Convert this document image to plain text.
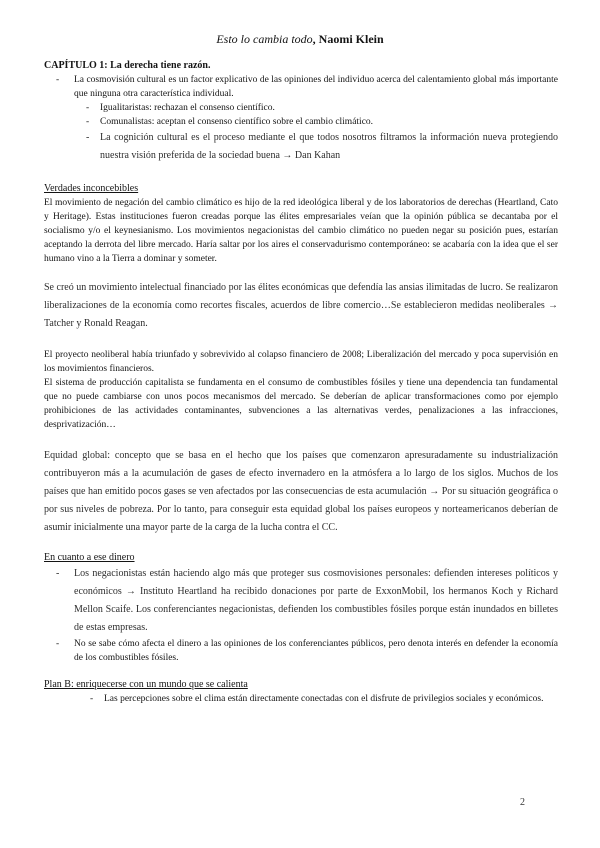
Esto lo cambia todo, Naomi Klein

CAPÍTULO 1: La derecha tiene razón.

- La cosmovisión cultural es un factor explicativo de las opiniones del individuo acerca del calentamiento global más importante que ninguna otra característica individual.
- Igualitaristas: rechazan el consenso científico.
- Comunalistas: aceptan el consenso científico sobre el cambio climático.
- La cognición cultural es el proceso mediante el que todos nosotros filtramos la información nueva protegiendo nuestra visión preferida de la sociedad buena → Dan Kahan

Verdades inconcebibles

El movimiento de negación del cambio climático es hijo de la red ideológica liberal y de los laboratorios de derechas (Heartland, Cato y Heritage). Estas instituciones fueron creadas porque las élites empresariales veían que la opinión pública se decantaba por el socialismo y/o el keynesianismo. Los movimientos negacionistas del cambio climático no pueden negar su posición pues, estarían aceptando la derrota del libre mercado. Haría saltar por los aires el conservadurismo contemporáneo: se acabaría con la idea que el ser humano vino a la Tierra a dominar y someter.

Se creó un movimiento intelectual financiado por las élites económicas que defendía las ansias ilimitadas de lucro. Se realizaron liberalizaciones de la economía como recortes fiscales, acuerdos de libre comercio…Se establecieron medidas neoliberales → Tatcher y Ronald Reagan.

El proyecto neoliberal había triunfado y sobrevivido al colapso financiero de 2008; Liberalización del mercado y poca supervisión en los movimientos financieros.

El sistema de producción capitalista se fundamenta en el consumo de combustibles fósiles y tiene una dependencia tan fundamental que no puede cambiarse con unos pocos mecanismos del mercado. Se deberían de aplicar transformaciones como por ejemplo prohibiciones de las actividades contaminantes, subvenciones a las alternativas verdes, penalizaciones a las infracciones, desprivatización…

Equidad global: concepto que se basa en el hecho que los países que comenzaron apresuradamente su industrialización contribuyeron más a la acumulación de gases de efecto invernadero en la atmósfera a lo largo de los siglos. Muchos de los países que han emitido pocos gases se ven afectados por las consecuencias de esta acumulación → Por su situación geográfica o por sus niveles de pobreza. Por lo tanto, para conseguir esta equidad global los países europeos y norteamericanos deberían de asumir inicialmente una mayor parte de la carga de la lucha contra el CC.

En cuanto a ese dinero

- Los negacionistas están haciendo algo más que proteger sus cosmovisiones personales: defienden intereses políticos y económicos → Instituto Heartland ha recibido donaciones por parte de ExxonMobil, los hermanos Koch y Richard Mellon Scaife. Los conferenciantes negacionistas, defienden los combustibles fósiles porque están inundados en billetes de estas empresas.
- No se sabe cómo afecta el dinero a las opiniones de los conferenciantes públicos, pero denota interés en defender la economía de los combustibles fósiles.

Plan B: enriquecerse con un mundo que se calienta

- Las percepciones sobre el clima están directamente conectadas con el disfrute de privilegios sociales y económicos.
2
